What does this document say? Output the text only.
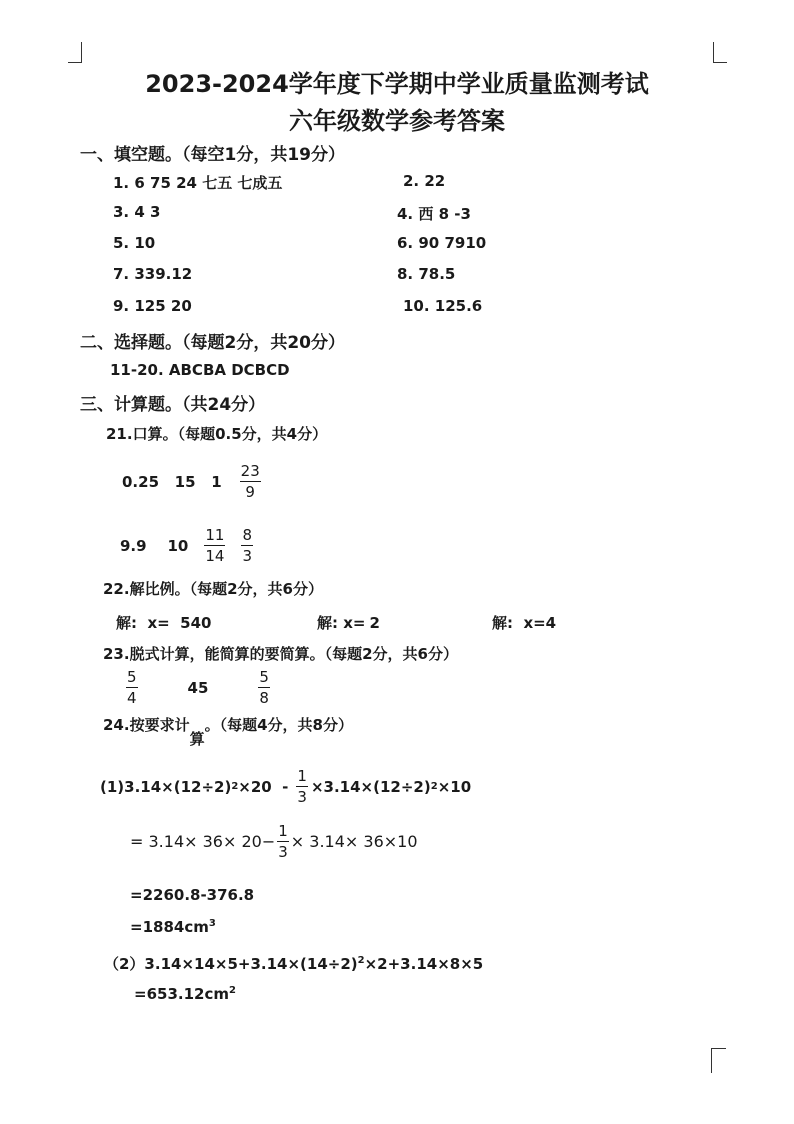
2023-2024学年度下学期中学业质量监测考试
六年级数学参考答案
一、填空题。（每空1分，共19分）
1. 6 75 24 七五 七成五	2. 22
3. 4 3	4. 西 8 -3
5. 10	6. 90 7910
7. 339.12	8. 78.5
9. 125 20	10. 125.6
二、选择题。（每题2分，共20分）
11-20. ABCBA DCBCD
三、计算题。（共24分）
21.口算。（每题0.5分，共4分）
0.25   15   $1 \frac{23}{9}$
9.9    $10 \frac{11}{14} \frac{8}{3}$
22.解比例。（每题2分，共6分）
解:  x=  540	解: x= 2	解:  x=4
23.脱式计算，能简算的要简算。（每题2分，共6分）
$\frac{5}{4}$	45	$\frac{5}{8}$
24.按要求计算。（每题4分，共8分）
(1)3.14×(12÷2) $2 \times 20 - \frac{1}{3} \times 3.14\times(12\div 2)$ 2 ×10
= $3.14\times 36\times 20- \frac{1}{3} \times 3.14\times 36\times 10$
=2260.8-376.8
$=1884cm^3$
$(2)3.14\times 14\times 5+3.14\times(14\div 2)^2\times 2+3.14\times 8\times 5$
$=653.12cm^2$
